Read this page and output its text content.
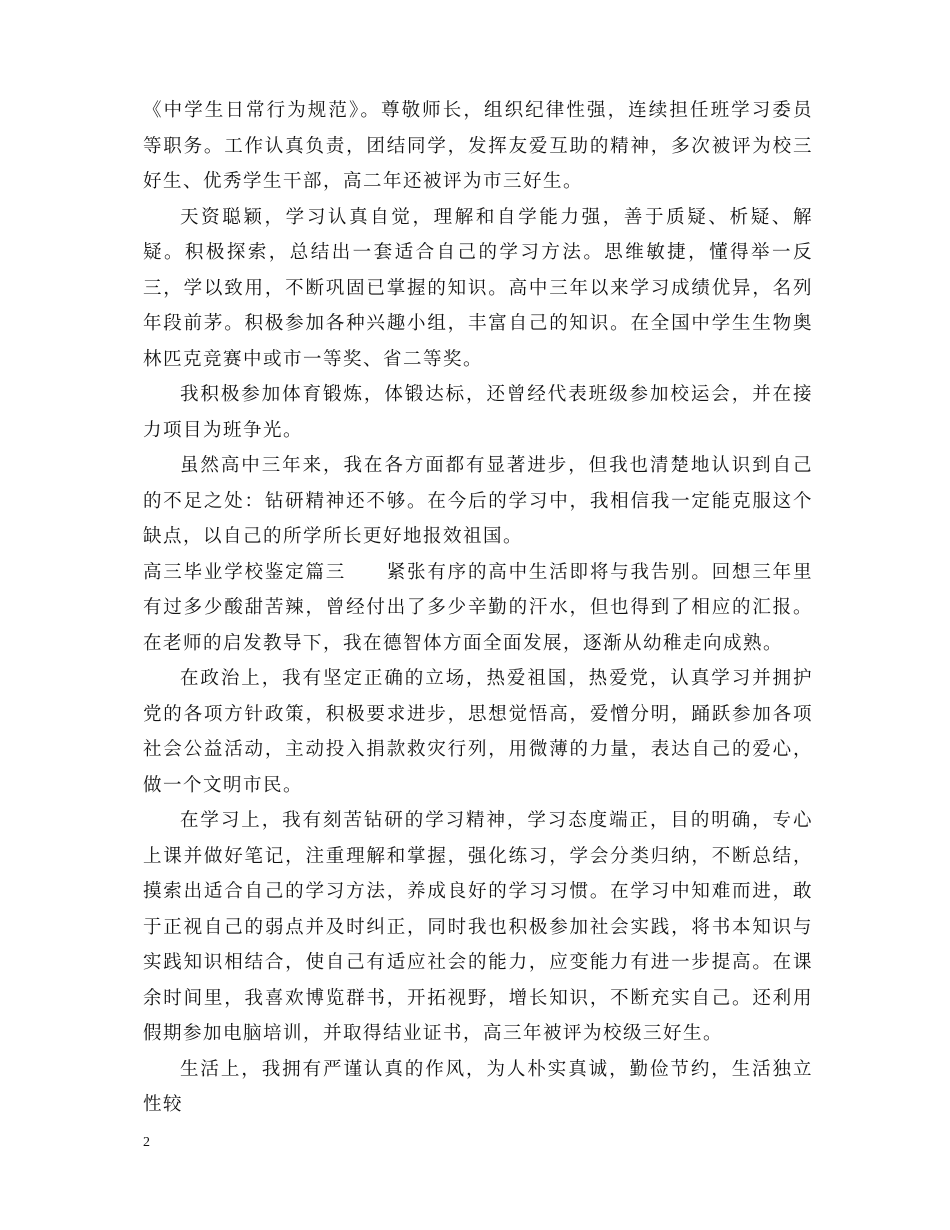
《中学生日常行为规范》。尊敬师长，组织纪律性强，连续担任班学习委员等职务。工作认真负责，团结同学，发挥友爱互助的精神，多次被评为校三好生、优秀学生干部，高二年还被评为市三好生。

天资聪颖，学习认真自觉，理解和自学能力强，善于质疑、析疑、解疑。积极探索，总结出一套适合自己的学习方法。思维敏捷，懂得举一反三，学以致用，不断巩固已掌握的知识。高中三年以来学习成绩优异，名列年段前茅。积极参加各种兴趣小组，丰富自己的知识。在全国中学生生物奥林匹克竞赛中或市一等奖、省二等奖。

我积极参加体育锻炼，体锻达标，还曾经代表班级参加校运会，并在接力项目为班争光。

虽然高中三年来，我在各方面都有显著进步，但我也清楚地认识到自己的不足之处：钻研精神还不够。在今后的学习中，我相信我一定能克服这个缺点，以自己的所学所长更好地报效祖国。

高三毕业学校鉴定篇三　　紧张有序的高中生活即将与我告别。回想三年里有过多少酸甜苦辣，曾经付出了多少辛勤的汗水，但也得到了相应的汇报。在老师的启发教导下，我在德智体方面全面发展，逐渐从幼稚走向成熟。

在政治上，我有坚定正确的立场，热爱祖国，热爱党，认真学习并拥护党的各项方针政策，积极要求进步，思想觉悟高，爱憎分明，踊跃参加各项社会公益活动，主动投入捐款救灾行列，用微薄的力量，表达自己的爱心，做一个文明市民。

在学习上，我有刻苦钻研的学习精神，学习态度端正，目的明确，专心上课并做好笔记，注重理解和掌握，强化练习，学会分类归纳，不断总结，摸索出适合自己的学习方法，养成良好的学习习惯。在学习中知难而进，敢于正视自己的弱点并及时纠正，同时我也积极参加社会实践，将书本知识与实践知识相结合，使自己有适应社会的能力，应变能力有进一步提高。在课余时间里，我喜欢博览群书，开拓视野，增长知识，不断充实自己。还利用假期参加电脑培训，并取得结业证书，高三年被评为校级三好生。

生活上，我拥有严谨认真的作风，为人朴实真诚，勤俭节约，生活独立性较

2
